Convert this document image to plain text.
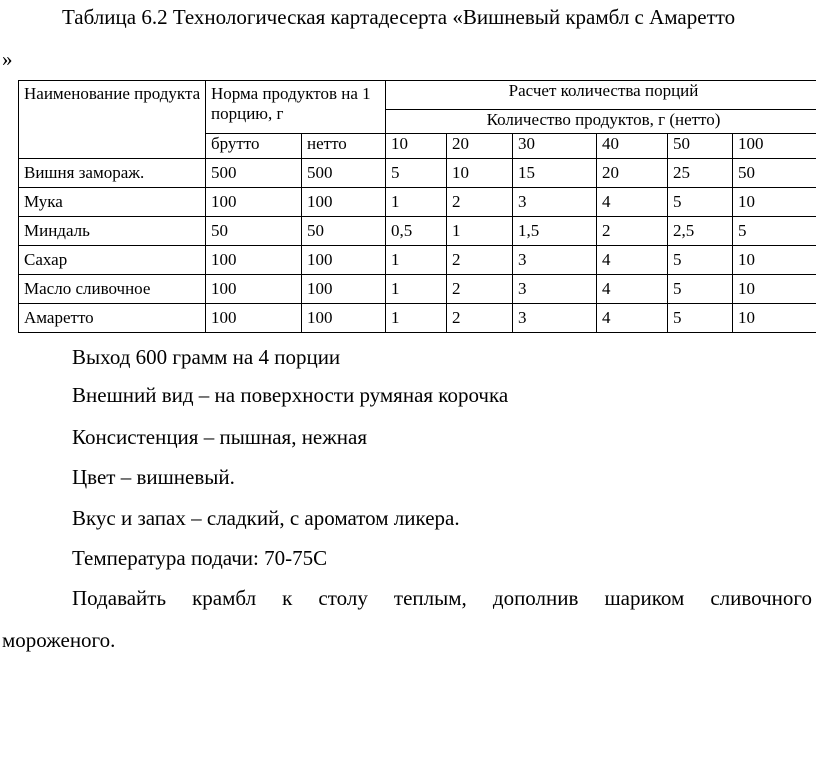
Таблица 6.2 Технологическая картадесерта «Вишневый крамбл с Амаретто
»
Наименование продукта	Норма продуктов на 1 порцию, г		Расчет количества порций					
			Количество продуктов, г (нетто)					
	брутто	нетто	10	20	30	40	50	100
Вишня замораж.	500	500	5	10	15	20	25	50
Мука	100	100	1	2	3	4	5	10
Миндаль	50	50	0,5	1	1,5	2	2,5	5
Сахар	100	100	1	2	3	4	5	10
Масло сливочное	100	100	1	2	3	4	5	10
Амаретто	100	100	1	2	3	4	5	10
Выход 600 грамм на 4 порции
Внешний вид – на поверхности румяная корочка
Консистенция – пышная, нежная
Цвет – вишневый.
Вкус и запах – сладкий, с ароматом ликера.
Температура подачи: 70-75С
Подавайть крамбл к столу теплым, дополнив шариком сливочного
мороженого.
